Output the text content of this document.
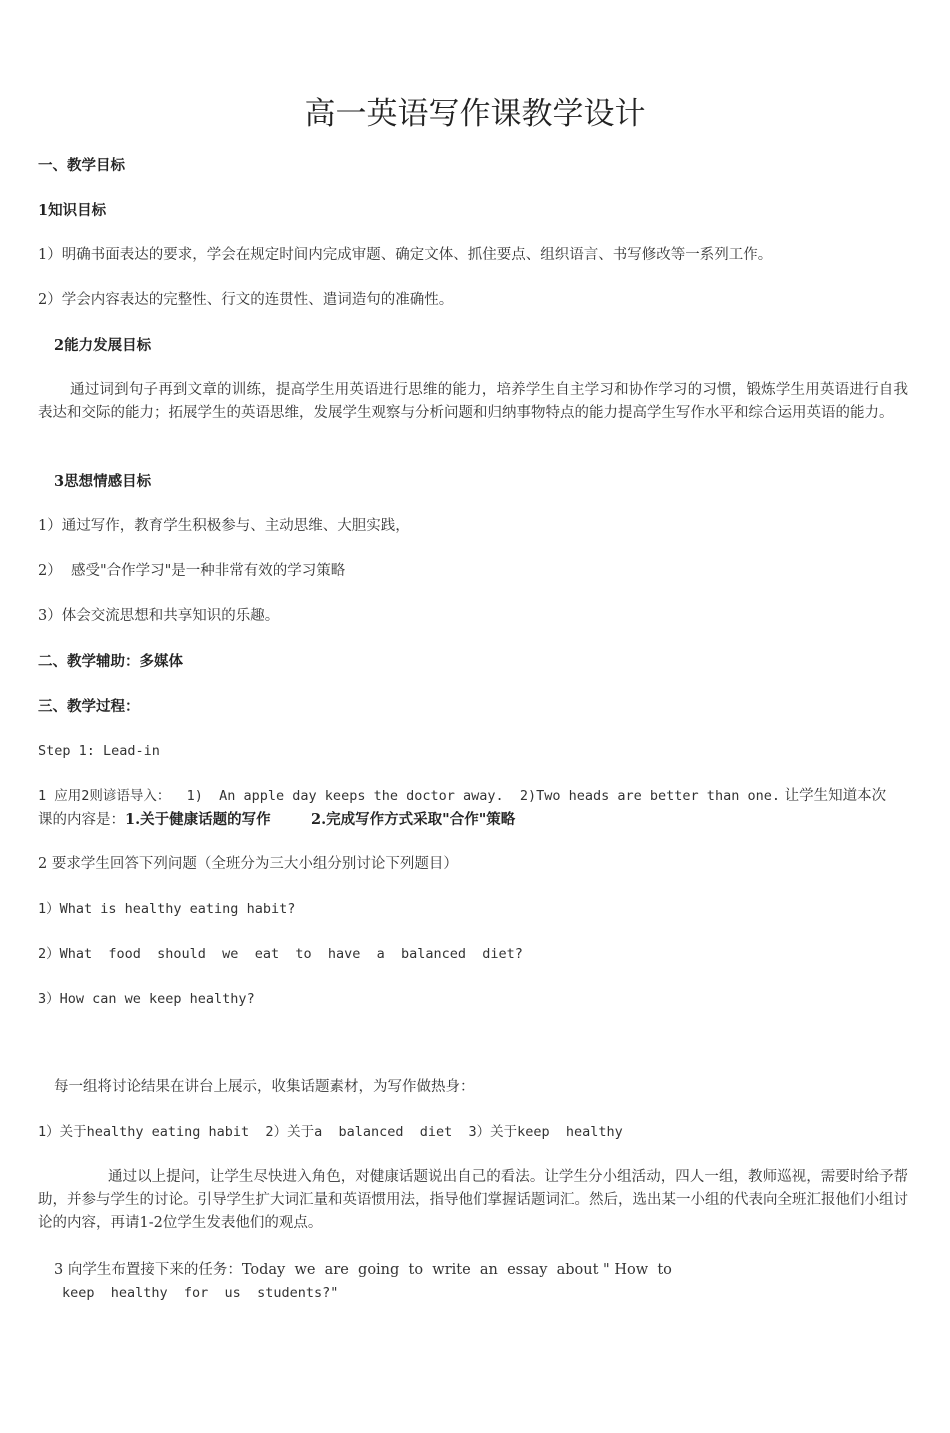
高一英语写作课教学设计
一、教学目标
1知识目标
1）明确书面表达的要求，学会在规定时间内完成审题、确定文体、抓住要点、组织语言、书写修改等一系列工作。
2）学会内容表达的完整性、行文的连贯性、遣词造句的准确性。
2能力发展目标
通过词到句子再到文章的训练，提高学生用英语进行思维的能力，培养学生自主学习和协作学习的习惯，锻炼学生用英语进行自我表达和交际的能力；拓展学生的英语思维，发展学生观察与分析问题和归纳事物特点的能力提高学生写作水平和综合运用英语的能力。
3思想情感目标
1）通过写作，教育学生积极参与、主动思维、大胆实践，
2）  感受"合作学习"是一种非常有效的学习策略
3）体会交流思想和共享知识的乐趣。
二、教学辅助：多媒体
三、教学过程：
Step 1: Lead-in
1 应用2则谚语导入：  1)  An apple day keeps the doctor away.  2)Two heads are better than one. 让学生知道本次
课的内容是：1.关于健康话题的写作        2.完成写作方式采取"合作"策略
2 要求学生回答下列问题（全班分为三大小组分别讨论下列题目）
1）What is healthy eating habit?
2）What  food  should  we  eat  to  have  a  balanced  diet?
3）How can we keep healthy?
每一组将讨论结果在讲台上展示，收集话题素材，为写作做热身：
1）关于healthy eating habit  2）关于a  balanced  diet  3）关于keep  healthy
通过以上提问，让学生尽快进入角色，对健康话题说出自己的看法。让学生分小组活动，四人一组，教师巡视，需要时给予帮助，并参与学生的讨论。引导学生扩大词汇量和英语惯用法，指导他们掌握话题词汇。然后，选出某一小组的代表向全班汇报他们小组讨论的内容，再请1-2位学生发表他们的观点。
3 向学生布置接下来的任务：Today  we  are  going  to  write  an  essay  about " How  to
keep  healthy  for  us  students?"
